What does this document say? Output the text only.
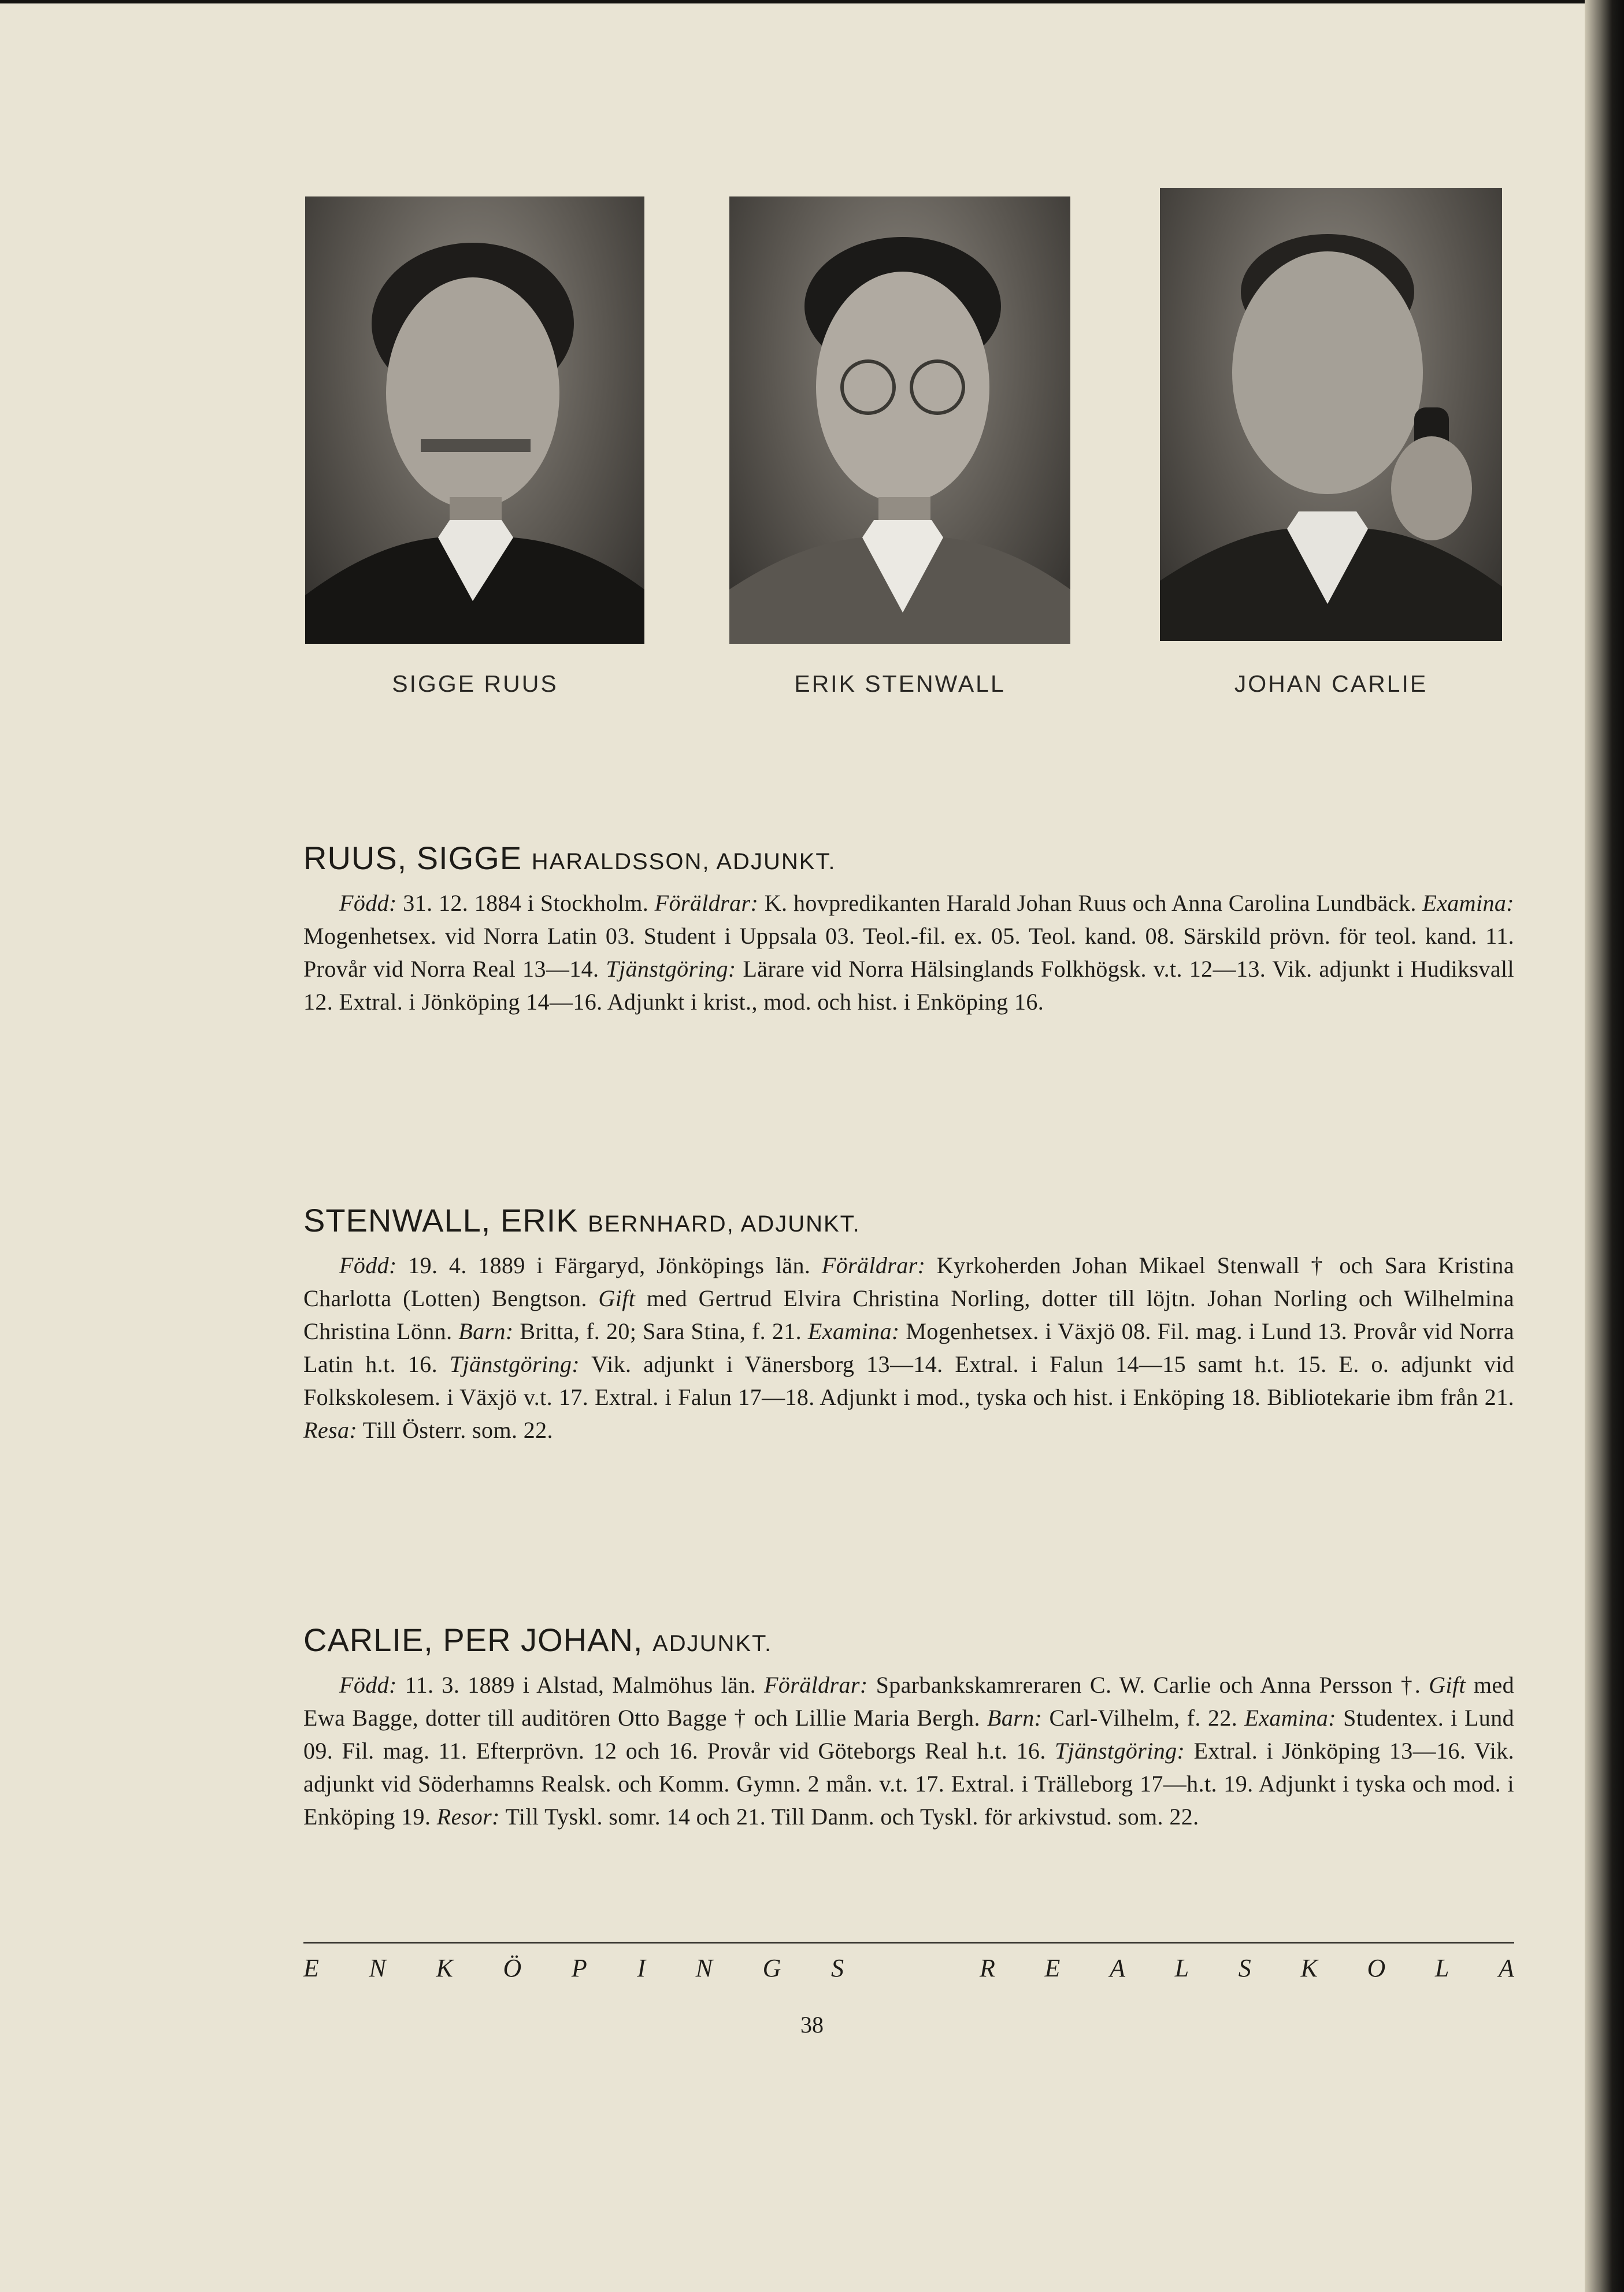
SIGGE RUUS	ERIK STENWALL	JOHAN CARLIE
RUUS, SIGGE HARALDSSON, ADJUNKT.
Född: 31. 12. 1884 i Stockholm. Föräldrar: K. hovpredikanten Harald Johan Ruus och Anna Carolina Lundbäck. Examina: Mogenhetsex. vid Norra Latin 03. Student i Uppsala 03. Teol.-fil. ex. 05. Teol. kand. 08. Särskild prövn. för teol. kand. 11. Provår vid Norra Real 13—14. Tjänstgöring: Lärare vid Norra Hälsinglands Folkhögsk. v.t. 12—13. Vik. adjunkt i Hudiksvall 12. Extral. i Jönköping 14—16. Adjunkt i krist., mod. och hist. i Enköping 16.
STENWALL, ERIK BERNHARD, ADJUNKT.
Född: 19. 4. 1889 i Färgaryd, Jönköpings län. Föräldrar: Kyrkoherden Johan Mikael Stenwall † och Sara Kristina Charlotta (Lotten) Bengtson. Gift med Gertrud Elvira Christina Norling, dotter till löjtn. Johan Norling och Wilhelmina Christina Lönn. Barn: Britta, f. 20; Sara Stina, f. 21. Examina: Mogenhetsex. i Växjö 08. Fil. mag. i Lund 13. Provår vid Norra Latin h.t. 16. Tjänstgöring: Vik. adjunkt i Vänersborg 13—14. Extral. i Falun 14—15 samt h.t. 15. E. o. adjunkt vid Folkskolesem. i Växjö v.t. 17. Extral. i Falun 17—18. Adjunkt i mod., tyska och hist. i Enköping 18. Bibliotekarie ibm från 21. Resa: Till Österr. som. 22.
CARLIE, PER JOHAN, ADJUNKT.
Född: 11. 3. 1889 i Alstad, Malmöhus län. Föräldrar: Sparbankskamreraren C. W. Carlie och Anna Persson †. Gift med Ewa Bagge, dotter till auditören Otto Bagge † och Lillie Maria Bergh. Barn: Carl-Vilhelm, f. 22. Examina: Studentex. i Lund 09. Fil. mag. 11. Efterprövn. 12 och 16. Provår vid Göteborgs Real h.t. 16. Tjänstgöring: Extral. i Jönköping 13—16. Vik. adjunkt vid Söderhamns Realsk. och Komm. Gymn. 2 mån. v.t. 17. Extral. i Trälleborg 17—h.t. 19. Adjunkt i tyska och mod. i Enköping 19. Resor: Till Tyskl. somr. 14 och 21. Till Danm. och Tyskl. för arkivstud. som. 22.
E N K Ö P I N G S	R E A L S K O L A
38
